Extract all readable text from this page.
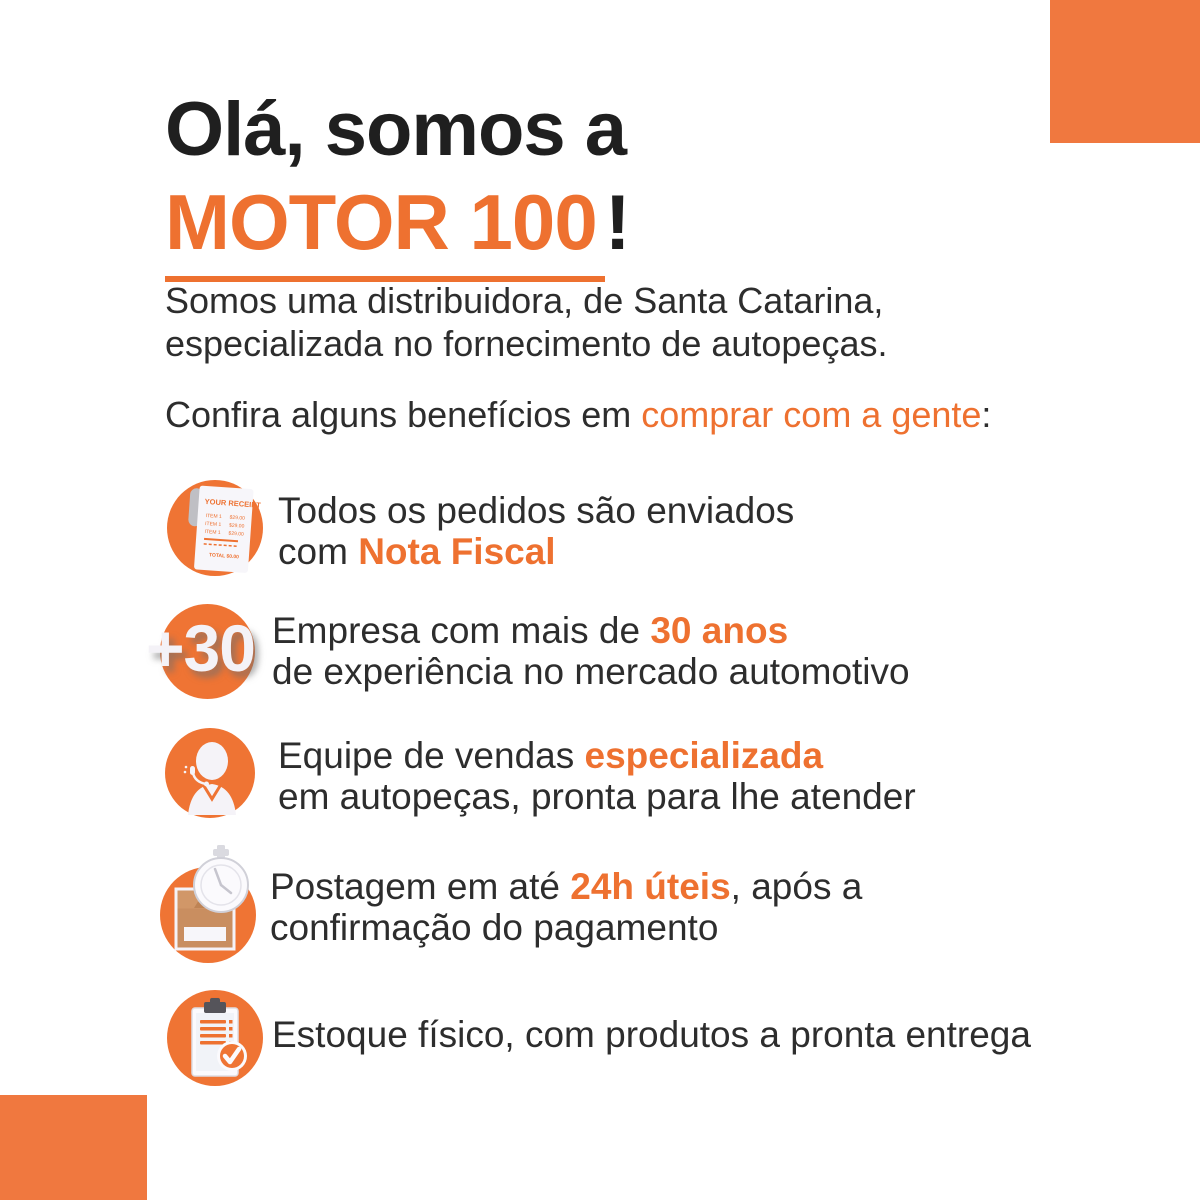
Olá, somos a
MOTOR 100 !
Somos uma distribuidora, de Santa Catarina,
especializada no fornecimento de autopeças.
Confira alguns benefícios em comprar com a gente:
YOUR RECEIPT
ITEM 1 $29.00
ITEM 1 $29.00
ITEM 1 $29.00
TOTAL $0.00
Todos os pedidos são enviados
com Nota Fiscal
+30 Empresa com mais de 30 anos
de experiência no mercado automotivo
Equipe de vendas especializada
em autopeças, pronta para lhe atender
Postagem em até 24h úteis, após a
confirmação do pagamento
Estoque físico, com produtos a pronta entrega
